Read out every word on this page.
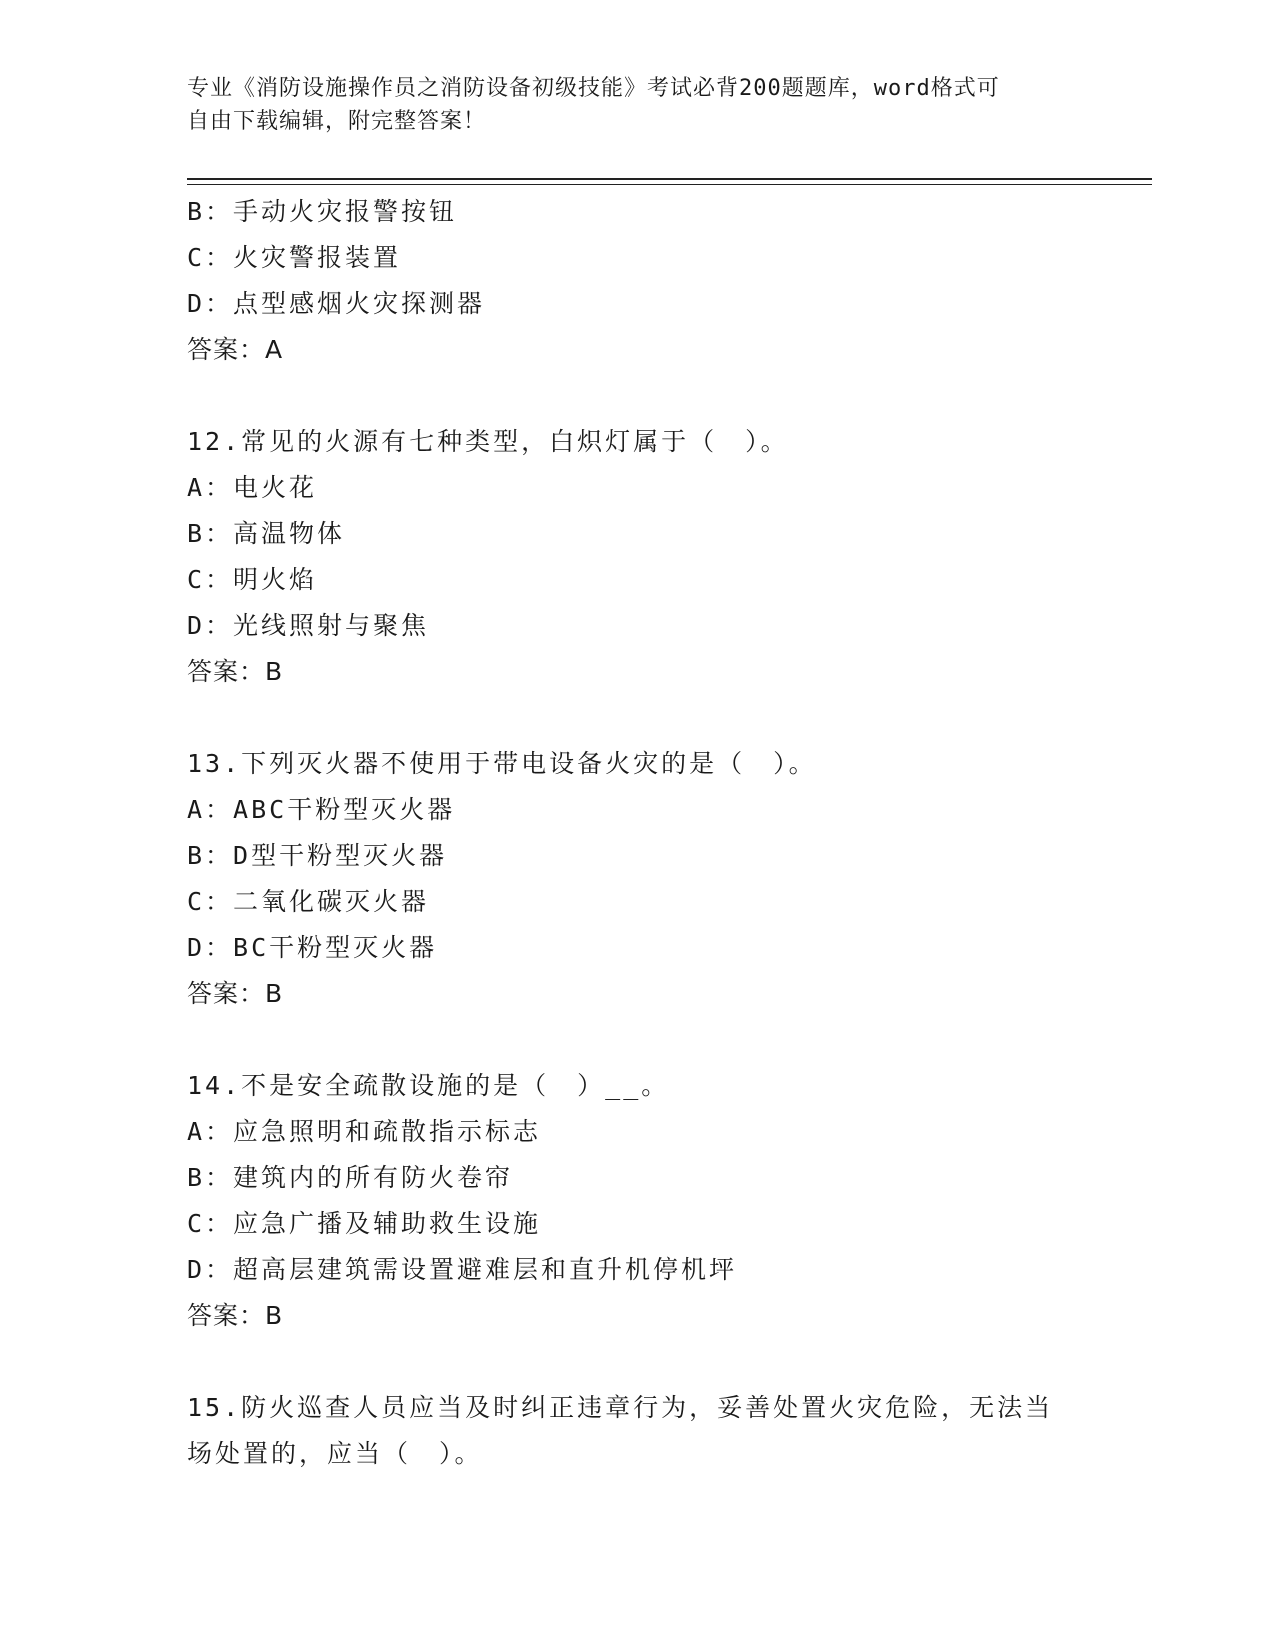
专业《消防设施操作员之消防设备初级技能》考试必背200题题库，word格式可
自由下载编辑，附完整答案！
B：手动火灾报警按钮
C：火灾警报装置
D：点型感烟火灾探测器
答案：A
12.常见的火源有七种类型，白炽灯属于（　）。
A：电火花
B：高温物体
C：明火焰
D：光线照射与聚焦
答案：B
13.下列灭火器不使用于带电设备火灾的是（　）。
A：ABC干粉型灭火器
B：D型干粉型灭火器
C：二氧化碳灭火器
D：BC干粉型灭火器
答案：B
14.不是安全疏散设施的是（　）__。
A：应急照明和疏散指示标志
B：建筑内的所有防火卷帘
C：应急广播及辅助救生设施
D：超高层建筑需设置避难层和直升机停机坪
答案：B
15.防火巡查人员应当及时纠正违章行为，妥善处置火灾危险，无法当
场处置的，应当（　）。
